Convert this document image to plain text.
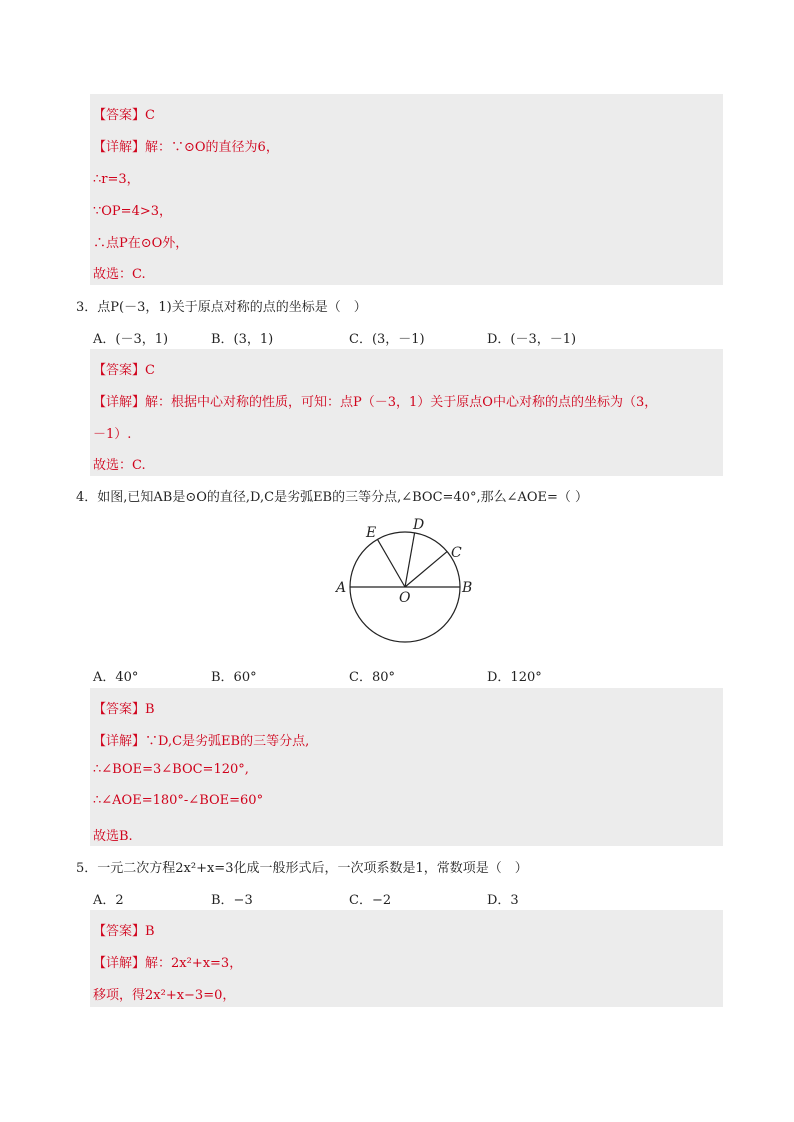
【答案】C
【详解】解：∵⊙O的直径为6，
∴r=3，
∵OP=4>3，
∴点P在⊙O外，
故选：C.
3．点P(－3，1)关于原点对称的点的坐标是（　）
A．(－3，1)	B．(3，1)	C．(3，－1)	D．(－3，－1)
【答案】C
【详解】解：根据中心对称的性质，可知：点P（－3，1）关于原点O中心对称的点的坐标为（3，
－1）.
故选：C.
4．如图,已知AB是⊙O的直径,D,C是劣弧EB的三等分点,∠BOC=40°,那么∠AOE=（ ）
E	D
C
A	B
O
A．40°	B．60°	C．80°	D．120°
【答案】B
【详解】∵D,C是劣弧EB的三等分点,
∴∠BOE=3∠BOC=120°,
∴∠AOE=180°-∠BOE=60°
故选B.
5．一元二次方程2x²+x=3化成一般形式后，一次项系数是1，常数项是（　）
A．2	B．−3	C．−2	D．3
【答案】B
【详解】解：2x²+x=3，
移项，得2x²+x−3=0，
